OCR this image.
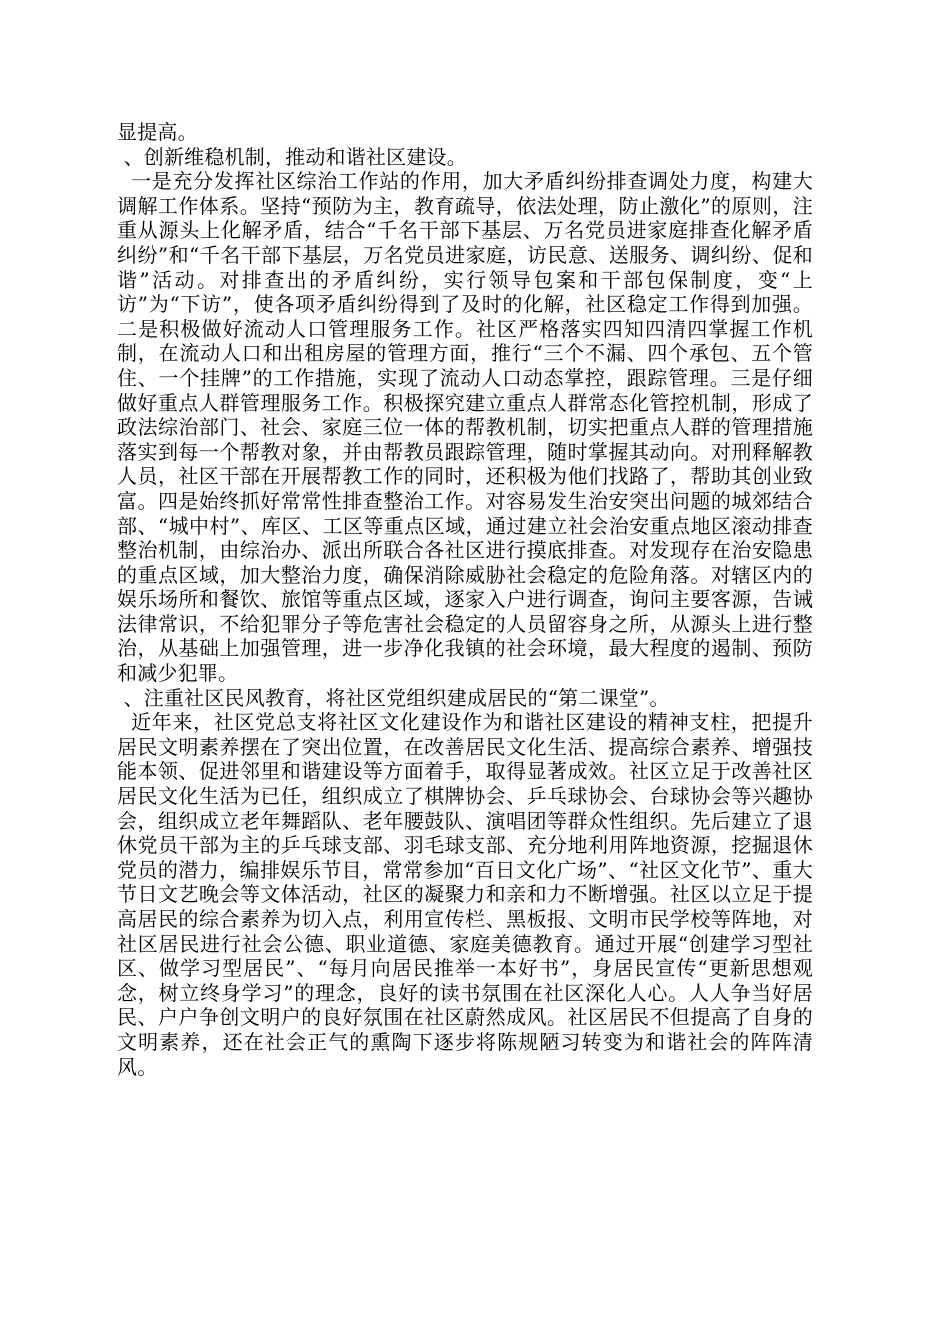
显提高。

、创新维稳机制，推动和谐社区建设。

一是充分发挥社区综治工作站的作用，加大矛盾纠纷排查调处力度，构建大调解工作体系。坚持“预防为主，教育疏导，依法处理，防止激化”的原则，注重从源头上化解矛盾，结合“千名干部下基层、万名党员进家庭排查化解矛盾纠纷”和“千名干部下基层，万名党员进家庭，访民意、送服务、调纠纷、促和谐”活动。对排查出的矛盾纠纷，实行领导包案和干部包保制度，变“上访”为“下访”，使各项矛盾纠纷得到了及时的化解，社区稳定工作得到加强。二是积极做好流动人口管理服务工作。社区严格落实四知四清四掌握工作机制，在流动人口和出租房屋的管理方面，推行“三个不漏、四个承包、五个管住、一个挂牌”的工作措施，实现了流动人口动态掌控，跟踪管理。三是仔细做好重点人群管理服务工作。积极探究建立重点人群常态化管控机制，形成了政法综治部门、社会、家庭三位一体的帮教机制，切实把重点人群的管理措施落实到每一个帮教对象，并由帮教员跟踪管理，随时掌握其动向。对刑释解教人员，社区干部在开展帮教工作的同时，还积极为他们找路了，帮助其创业致富。四是始终抓好常常性排查整治工作。对容易发生治安突出问题的城郊结合部、“城中村”、库区、工区等重点区域，通过建立社会治安重点地区滚动排查整治机制，由综治办、派出所联合各社区进行摸底排查。对发现存在治安隐患的重点区域，加大整治力度，确保消除威胁社会稳定的危险角落。对辖区内的娱乐场所和餐饮、旅馆等重点区域，逐家入户进行调查，询问主要客源，告诫法律常识，不给犯罪分子等危害社会稳定的人员留容身之所，从源头上进行整治，从基础上加强管理，进一步净化我镇的社会环境，最大程度的遏制、预防和减少犯罪。

、注重社区民风教育，将社区党组织建成居民的“第二课堂”。

近年来，社区党总支将社区文化建设作为和谐社区建设的精神支柱，把提升居民文明素养摆在了突出位置，在改善居民文化生活、提高综合素养、增强技能本领、促进邻里和谐建设等方面着手，取得显著成效。社区立足于改善社区居民文化生活为已任，组织成立了棋牌协会、乒乓球协会、台球协会等兴趣协会，组织成立老年舞蹈队、老年腰鼓队、演唱团等群众性组织。先后建立了退休党员干部为主的乒乓球支部、羽毛球支部、充分地利用阵地资源，挖掘退休党员的潜力，编排娱乐节目，常常参加“百日文化广场”、“社区文化节”、重大节日文艺晚会等文体活动，社区的凝聚力和亲和力不断增强。社区以立足于提高居民的综合素养为切入点，利用宣传栏、黑板报、文明市民学校等阵地，对社区居民进行社会公德、职业道德、家庭美德教育。通过开展“创建学习型社区、做学习型居民”、“每月向居民推举一本好书”，身居民宣传“更新思想观念，树立终身学习”的理念，良好的读书氛围在社区深化人心。人人争当好居民、户户争创文明户的良好氛围在社区蔚然成风。社区居民不但提高了自身的文明素养，还在社会正气的熏陶下逐步将陈规陋习转变为和谐社会的阵阵清风。
